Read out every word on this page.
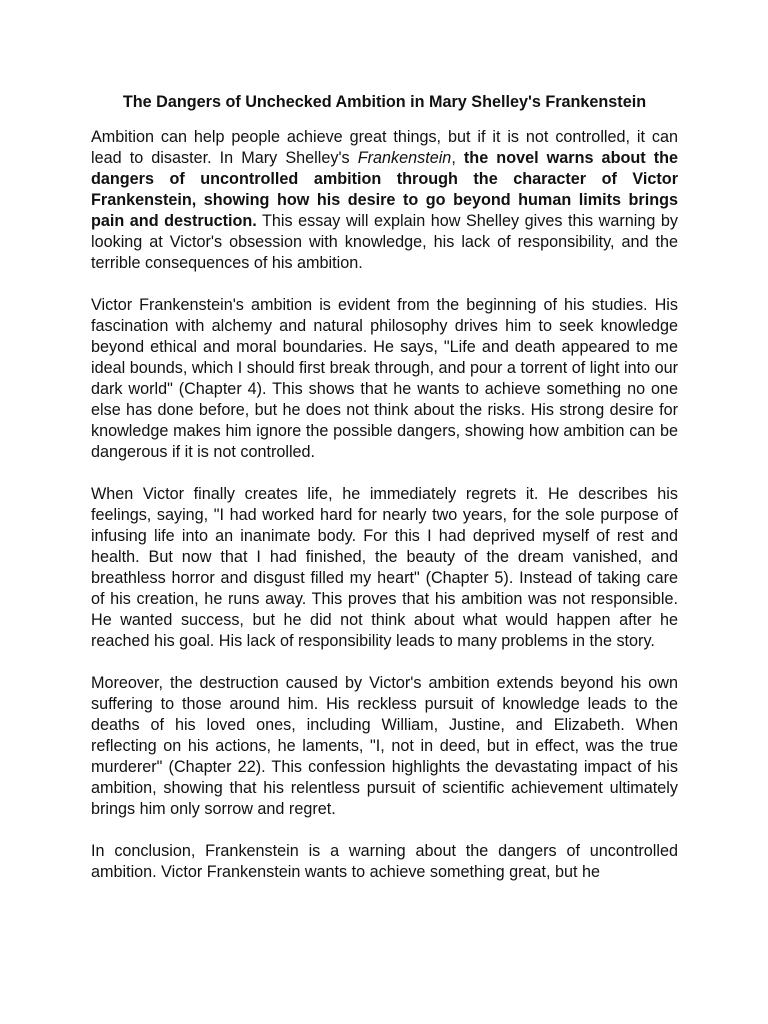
The Dangers of Unchecked Ambition in Mary Shelley's Frankenstein

Ambition can help people achieve great things, but if it is not controlled, it can lead to disaster. In Mary Shelley's Frankenstein, the novel warns about the dangers of uncontrolled ambition through the character of Victor Frankenstein, showing how his desire to go beyond human limits brings pain and destruction. This essay will explain how Shelley gives this warning by looking at Victor's obsession with knowledge, his lack of responsibility, and the terrible consequences of his ambition.

Victor Frankenstein's ambition is evident from the beginning of his studies. His fascination with alchemy and natural philosophy drives him to seek knowledge beyond ethical and moral boundaries. He says, "Life and death appeared to me ideal bounds, which I should first break through, and pour a torrent of light into our dark world" (Chapter 4). This shows that he wants to achieve something no one else has done before, but he does not think about the risks. His strong desire for knowledge makes him ignore the possible dangers, showing how ambition can be dangerous if it is not controlled.

When Victor finally creates life, he immediately regrets it. He describes his feelings, saying, "I had worked hard for nearly two years, for the sole purpose of infusing life into an inanimate body. For this I had deprived myself of rest and health. But now that I had finished, the beauty of the dream vanished, and breathless horror and disgust filled my heart" (Chapter 5). Instead of taking care of his creation, he runs away. This proves that his ambition was not responsible. He wanted success, but he did not think about what would happen after he reached his goal. His lack of responsibility leads to many problems in the story.

Moreover, the destruction caused by Victor's ambition extends beyond his own suffering to those around him. His reckless pursuit of knowledge leads to the deaths of his loved ones, including William, Justine, and Elizabeth. When reflecting on his actions, he laments, "I, not in deed, but in effect, was the true murderer" (Chapter 22). This confession highlights the devastating impact of his ambition, showing that his relentless pursuit of scientific achievement ultimately brings him only sorrow and regret.

In conclusion, Frankenstein is a warning about the dangers of uncontrolled ambition. Victor Frankenstein wants to achieve something great, but he
